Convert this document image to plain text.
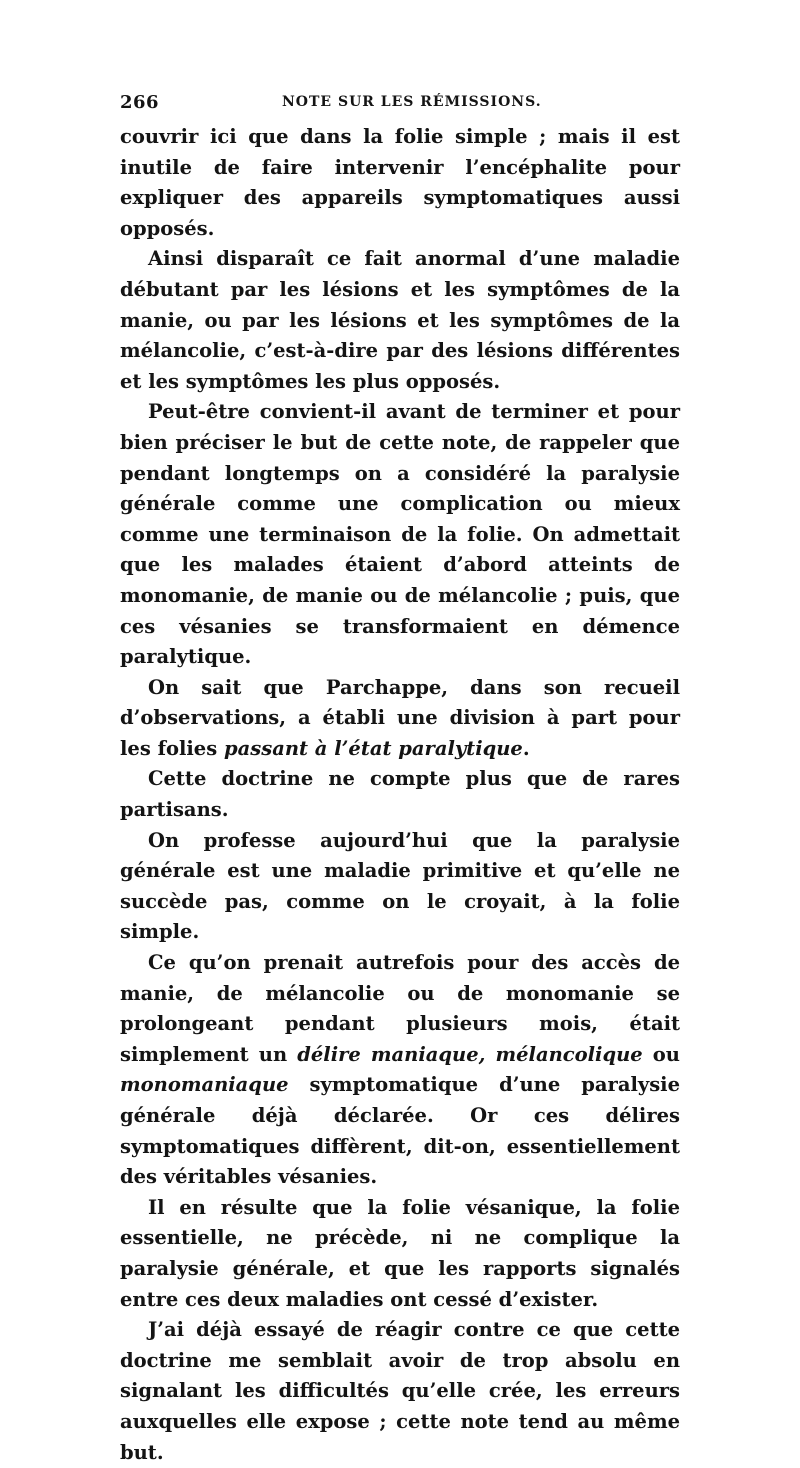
266	NOTE SUR LES RÉMISSIONS.

couvrir ici que dans la folie simple ; mais il est inutile de faire intervenir l’encéphalite pour expliquer des appareils symptomatiques aussi opposés.

Ainsi disparaît ce fait anormal d’une maladie débutant par les lésions et les symptômes de la manie, ou par les lésions et les symptômes de la mélancolie, c’est-à-dire par des lésions différentes et les symptômes les plus opposés.

Peut-être convient-il avant de terminer et pour bien préciser le but de cette note, de rappeler que pendant longtemps on a considéré la paralysie générale comme une complication ou mieux comme une terminaison de la folie. On admettait que les malades étaient d’abord atteints de monomanie, de manie ou de mélancolie ; puis, que ces vésanies se transformaient en démence paralytique.

On sait que Parchappe, dans son recueil d’observations, a établi une division à part pour les folies passant à l’état paralytique.

Cette doctrine ne compte plus que de rares partisans.

On professe aujourd’hui que la paralysie générale est une maladie primitive et qu’elle ne succède pas, comme on le croyait, à la folie simple.

Ce qu’on prenait autrefois pour des accès de manie, de mélancolie ou de monomanie se prolongeant pendant plusieurs mois, était simplement un délire maniaque, mélancolique ou monomaniaque symptomatique d’une paralysie générale déjà déclarée. Or ces délires symptomatiques diffèrent, dit-on, essentiellement des véritables vésanies.

Il en résulte que la folie vésanique, la folie essentielle, ne précède, ni ne complique la paralysie générale, et que les rapports signalés entre ces deux maladies ont cessé d’exister.

J’ai déjà essayé de réagir contre ce que cette doctrine me semblait avoir de trop absolu en signalant les difficultés qu’elle crée, les erreurs auxquelles elle expose ; cette note tend au même but.
